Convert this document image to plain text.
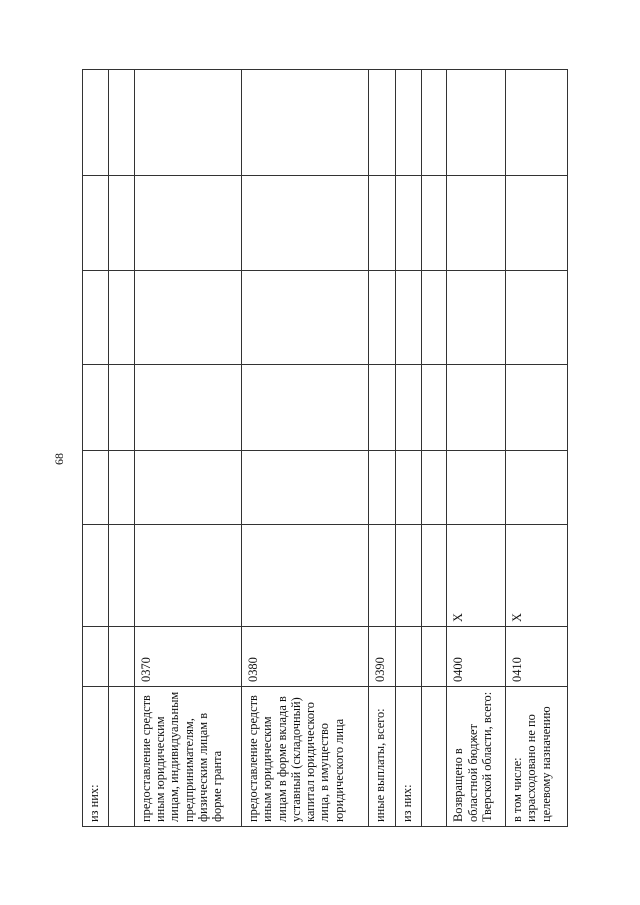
68
из них:								

предоставление средств иным юридическим лицам, индивидуальным предпринимателям, физическим лицам в форме гранта	0370							
предоставление средств иным юридическим лицам в форме вклада в уставный (складочный) капитал юридического лица, в имущество юридического лица	0380							
иные выплаты, всего:	0390							
из них:								

Возвращено в областной бюджет Тверской области, всего:	0400	X						
в том числе: израсходовано не по целевому назначению	0410	X						
